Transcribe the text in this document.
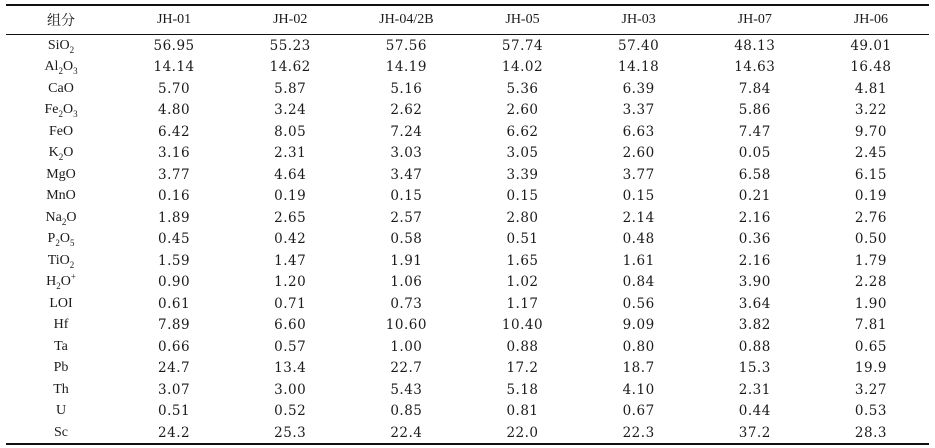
组分	JH-01	JH-02	JH-04/2B	JH-05	JH-03	JH-07	JH-06
SiO$_2$	56.95	55.23	57.56	57.74	57.40	48.13	49.01
$Al_2O_3$	14.14	14.62	14.19	14.02	14.18	14.63	16.48
CaO	5.70	5.87	5.16	5.36	6.39	7.84	4.81
$Fe_2O_3$	4.80	3.24	2.62	2.60	3.37	5.86	3.22
FeO	6.42	8.05	7.24	6.62	6.63	7.47	9.70
$K_2O$	3.16	2.31	3.03	3.05	2.60	0.05	2.45
MgO	3.77	4.64	3.47	3.39	3.77	6.58	6.15
MnO	0.16	0.19	0.15	0.15	0.15	0.21	0.19
$Na_2O$	1.89	2.65	2.57	2.80	2.14	2.16	2.76
$P_2O_5$	0.45	0.42	0.58	0.51	0.48	0.36	0.50
TiO$_2$	1.59	1.47	1.91	1.65	1.61	2.16	1.79
$H_2O^+$	0.90	1.20	1.06	1.02	0.84	3.90	2.28
LOI	0.61	0.71	0.73	1.17	0.56	3.64	1.90
Hf	7.89	6.60	10.60	10.40	9.09	3.82	7.81
Ta	0.66	0.57	1.00	0.88	0.80	0.88	0.65
Pb	24.7	13.4	22.7	17.2	18.7	15.3	19.9
Th	3.07	3.00	5.43	5.18	4.10	2.31	3.27
U	0.51	0.52	0.85	0.81	0.67	0.44	0.53
Sc	24.2	25.3	22.4	22.0	22.3	37.2	28.3
